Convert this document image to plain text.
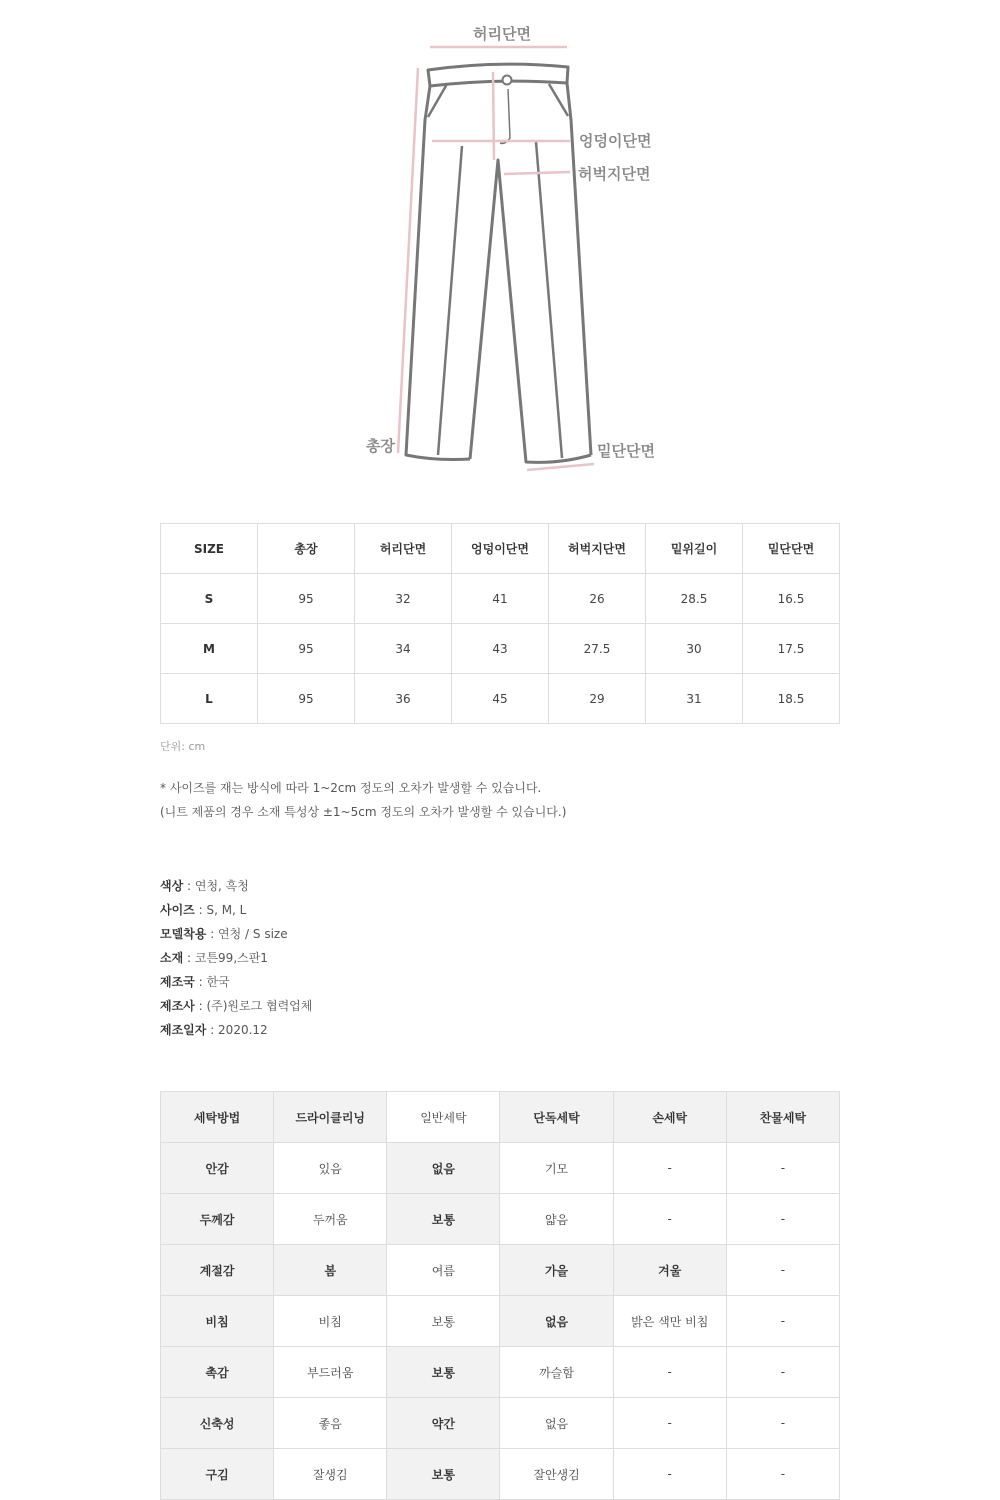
허리단면
엉덩이단면
허벅지단면
총장	밑단단면
SIZE	총장	허리단면	엉덩이단면	허벅지단면	밑위길이	밑단단면
S	95	32	41	26	28.5	16.5
M	95	34	43	27.5	30	17.5
L	95	36	45	29	31	18.5
단위: cm
* 사이즈를 재는 방식에 따라 1~2cm 정도의 오차가 발생할 수 있습니다.
(니트 제품의 경우 소재 특성상 ±1~5cm 정도의 오차가 발생할 수 있습니다.)
색상 : 연청, 흑청
사이즈 : S, M, L
모델착용 : 연청 / S size
소재 : 코튼99,스판1
제조국 : 한국
제조사 : (주)원로그 협력업체
제조일자 : 2020.12
세탁방법	드라이클리닝	일반세탁	단독세탁	손세탁	찬물세탁
안감	있음	없음	기모	-	-
두께감	두꺼움	보통	얇음	-	-
계절감	봄	여름	가을	겨울	-
비침	비침	보통	없음	밝은 색만 비침	-
촉감	부드러움	보통	까슬함	-	-
신축성	좋음	약간	없음	-	-
구김	잘생김	보통	잘안생김	-	-
